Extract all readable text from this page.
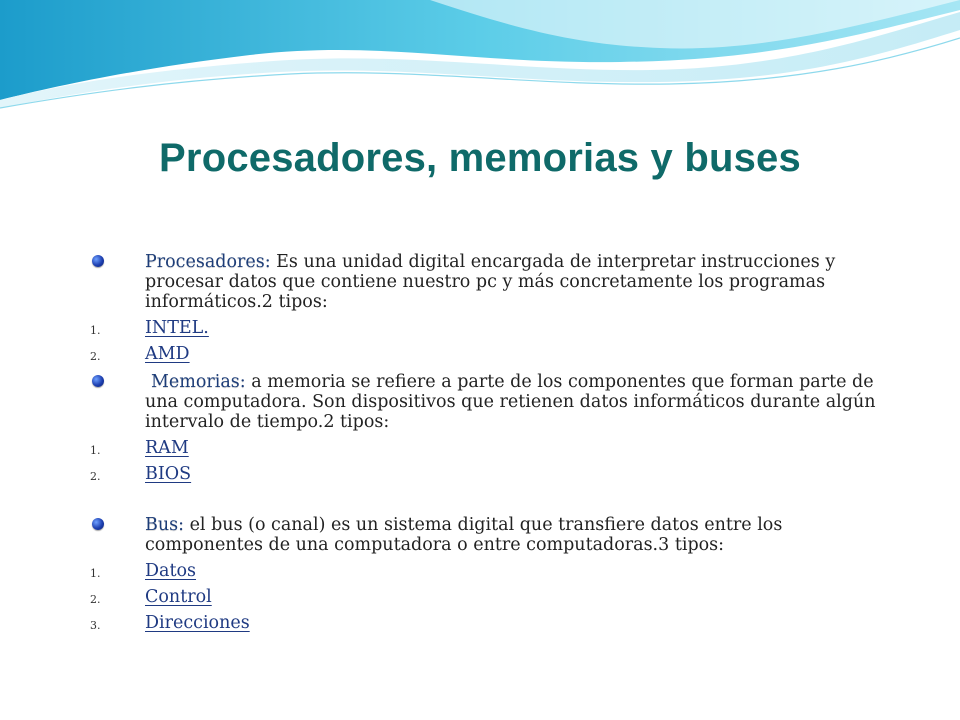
Procesadores, memorias y buses
Procesadores: Es una unidad digital encargada de interpretar instrucciones y procesar datos que contiene nuestro pc y más concretamente los programas informáticos.2 tipos:
1.	INTEL.
2.	AMD
Memorias: a memoria se refiere a parte de los componentes que forman parte de una computadora. Son dispositivos que retienen datos informáticos durante algún intervalo de tiempo.2 tipos:
1.	RAM
2.	BIOS
Bus: el bus (o canal) es un sistema digital que transfiere datos entre los componentes de una computadora o entre computadoras.3 tipos:
1.	Datos
2.	Control
3.	Direcciones
